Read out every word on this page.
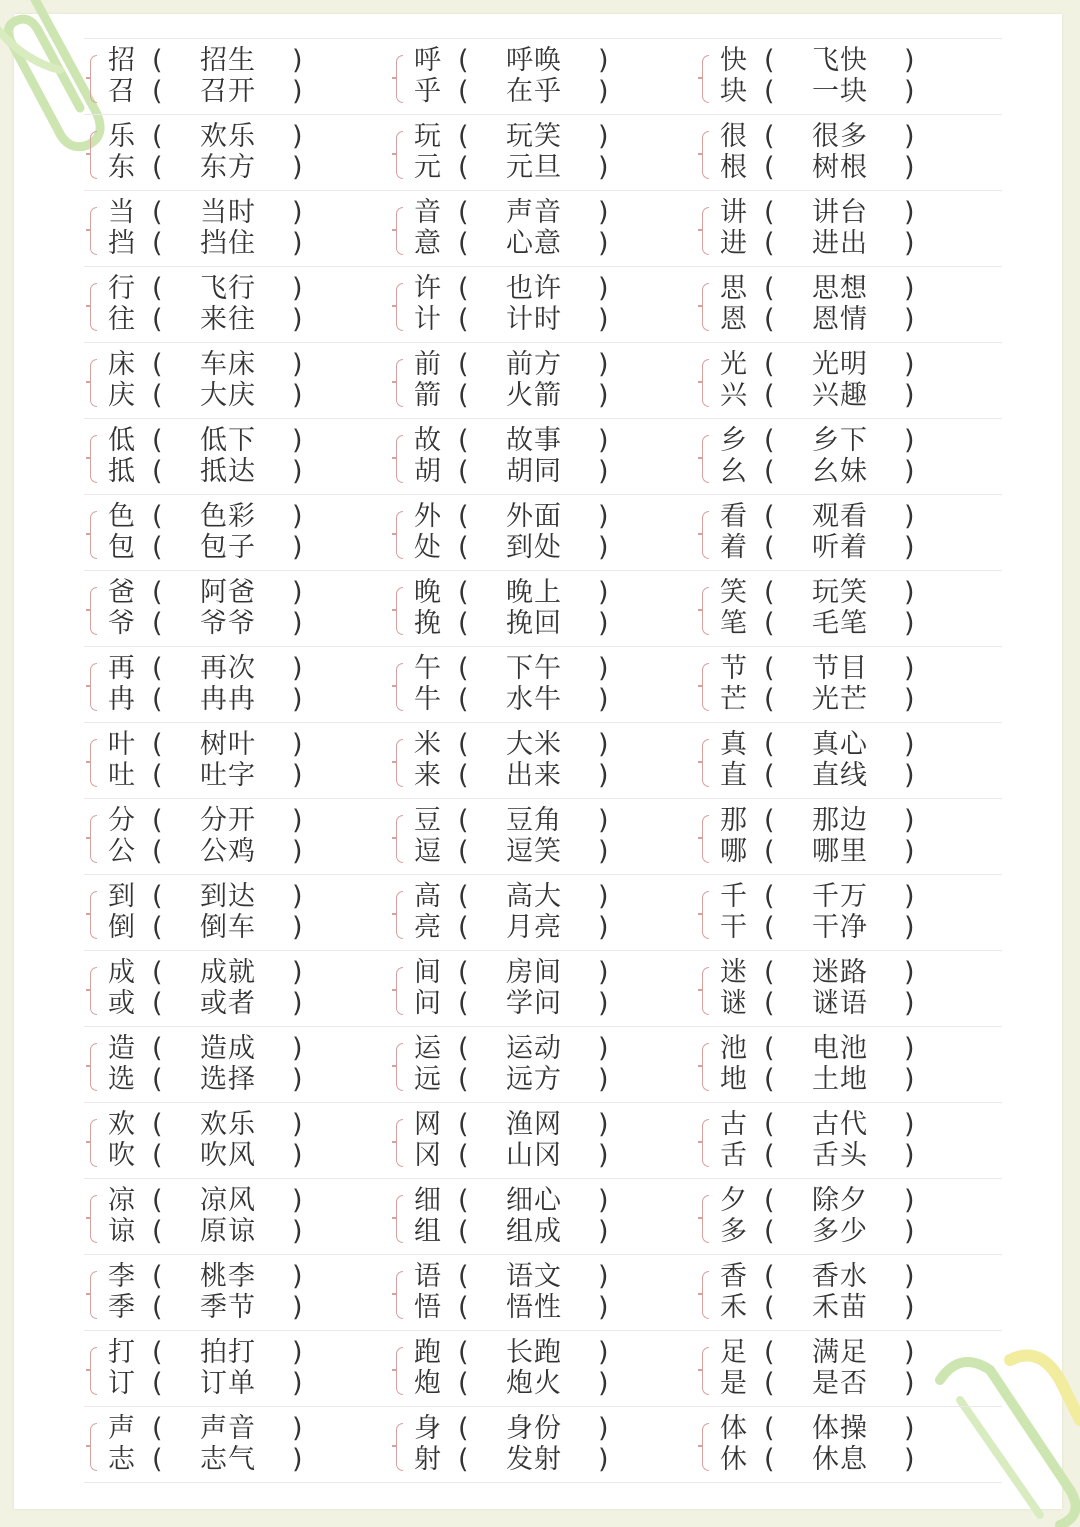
招 ( 招生 )
召 ( 召开 )
呼 ( 呼唤 )
乎 ( 在乎 )
快 ( 飞快 )
块 ( 一块 )
乐 ( 欢乐 )
东 ( 东方 )
玩 ( 玩笑 )
元 ( 元旦 )
很 ( 很多 )
根 ( 树根 )
当 ( 当时 )
挡 ( 挡住 )
音 ( 声音 )
意 ( 心意 )
讲 ( 讲台 )
进 ( 进出 )
行 ( 飞行 )
往 ( 来往 )
许 ( 也许 )
计 ( 计时 )
思 ( 思想 )
恩 ( 恩情 )
床 ( 车床 )
庆 ( 大庆 )
前 ( 前方 )
箭 ( 火箭 )
光 ( 光明 )
兴 ( 兴趣 )
低 ( 低下 )
抵 ( 抵达 )
故 ( 故事 )
胡 ( 胡同 )
乡 ( 乡下 )
幺 ( 幺妹 )
色 ( 色彩 )
包 ( 包子 )
外 ( 外面 )
处 ( 到处 )
看 ( 观看 )
着 ( 听着 )
爸 ( 阿爸 )
爷 ( 爷爷 )
晚 ( 晚上 )
挽 ( 挽回 )
笑 ( 玩笑 )
笔 ( 毛笔 )
再 ( 再次 )
冉 ( 冉冉 )
午 ( 下午 )
牛 ( 水牛 )
节 ( 节目 )
芒 ( 光芒 )
叶 ( 树叶 )
吐 ( 吐字 )
米 ( 大米 )
来 ( 出来 )
真 ( 真心 )
直 ( 直线 )
分 ( 分开 )
公 ( 公鸡 )
豆 ( 豆角 )
逗 ( 逗笑 )
那 ( 那边 )
哪 ( 哪里 )
到 ( 到达 )
倒 ( 倒车 )
高 ( 高大 )
亮 ( 月亮 )
千 ( 千万 )
干 ( 干净 )
成 ( 成就 )
或 ( 或者 )
间 ( 房间 )
问 ( 学问 )
迷 ( 迷路 )
谜 ( 谜语 )
造 ( 造成 )
选 ( 选择 )
运 ( 运动 )
远 ( 远方 )
池 ( 电池 )
地 ( 土地 )
欢 ( 欢乐 )
吹 ( 吹风 )
网 ( 渔网 )
冈 ( 山冈 )
古 ( 古代 )
舌 ( 舌头 )
凉 ( 凉风 )
谅 ( 原谅 )
细 ( 细心 )
组 ( 组成 )
夕 ( 除夕 )
多 ( 多少 )
李 ( 桃李 )
季 ( 季节 )
语 ( 语文 )
悟 ( 悟性 )
香 ( 香水 )
禾 ( 禾苗 )
打 ( 拍打 )
订 ( 订单 )
跑 ( 长跑 )
炮 ( 炮火 )
足 ( 满足 )
是 ( 是否 )
声 ( 声音 )
志 ( 志气 )
身 ( 身份 )
射 ( 发射 )
体 ( 体操 )
休 ( 休息 )
